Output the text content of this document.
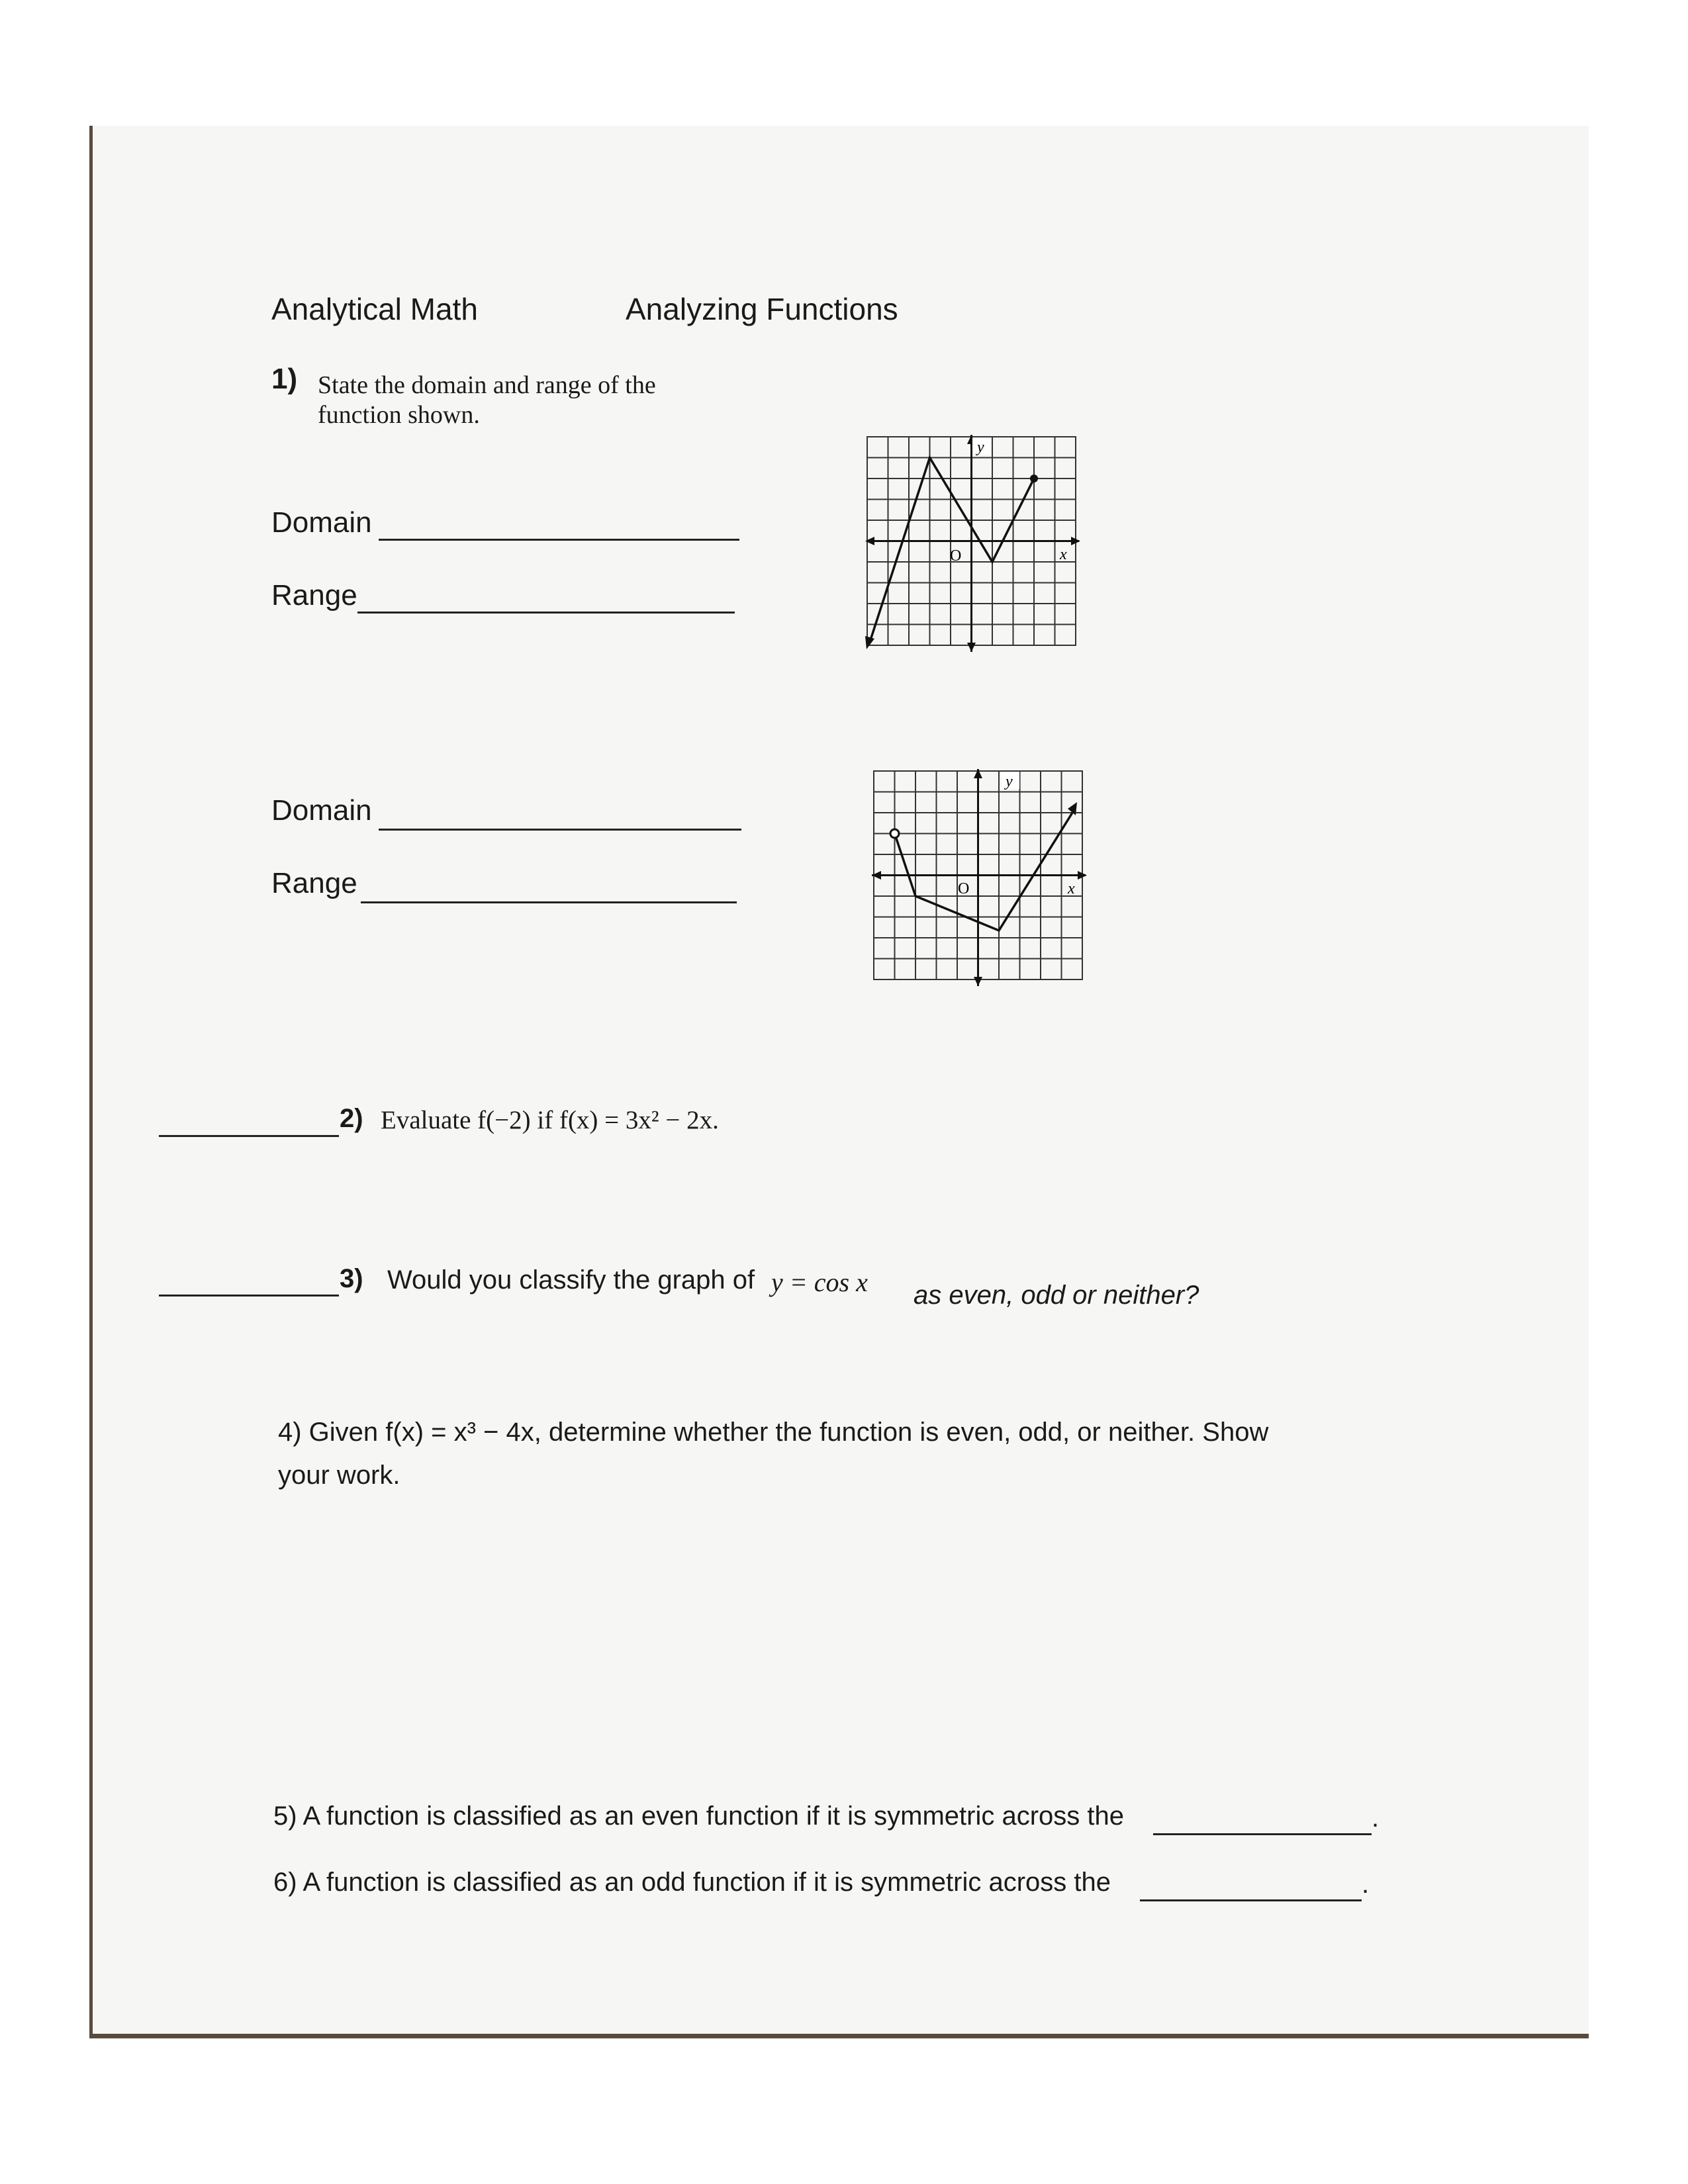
Analytical Math	Analyzing Functions
1) State the domain and range of the
function shown.
Domain
Range
Domain
Range
y
O	x
y
O	x
2) Evaluate f(−2) if f(x) = 3x² − 2x.
3) Would you classify the graph of y = cos x as even, odd or neither?
4) Given f(x) = x³ − 4x, determine whether the function is even, odd, or neither. Show
your work.
5) A function is classified as an even function if it is symmetric across the	.
6) A function is classified as an odd function if it is symmetric across the	.
